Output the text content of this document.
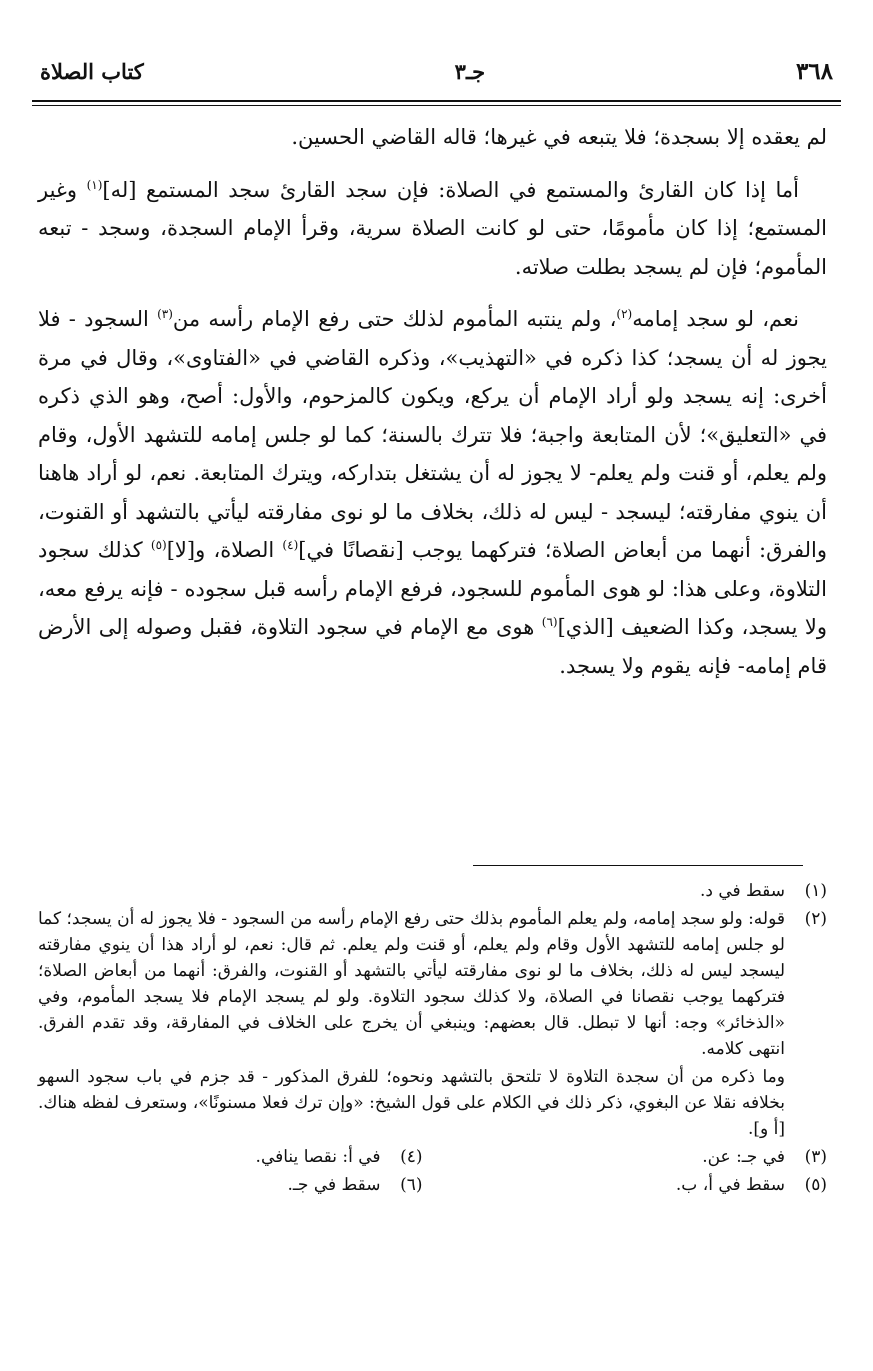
٣٦٨
جـ٣
كتاب الصلاة

لم يعقده إلا بسجدة؛ فلا يتبعه في غيرها؛ قاله القاضي الحسين.

أما إذا كان القارئ والمستمع في الصلاة: فإن سجد القارئ سجد المستمع [له]$^{(١)}$ وغير المستمع؛ إذا كان مأمومًا، حتى لو كانت الصلاة سرية، وقرأ الإمام السجدة، وسجد - تبعه المأموم؛ فإن لم يسجد بطلت صلاته.

نعم، لو سجد إمامه$^{(٢)}$، ولم ينتبه المأموم لذلك حتى رفع الإمام رأسه من$^{(٣)}$ السجود - فلا يجوز له أن يسجد؛ كذا ذكره في «التهذيب»، وذكره القاضي في «الفتاوى»، وقال في مرة أخرى: إنه يسجد ولو أراد الإمام أن يركع، ويكون كالمزحوم، والأول: أصح، وهو الذي ذكره في «التعليق»؛ لأن المتابعة واجبة؛ فلا تترك بالسنة؛ كما لو جلس إمامه للتشهد الأول، وقام ولم يعلم، أو قنت ولم يعلم- لا يجوز له أن يشتغل بتداركه، ويترك المتابعة. نعم، لو أراد هاهنا أن ينوي مفارقته؛ ليسجد - ليس له ذلك، بخلاف ما لو نوى مفارقته ليأتي بالتشهد أو القنوت، والفرق: أنهما من أبعاض الصلاة؛ فتركهما يوجب [نقصانًا في]$^{(٤)}$ الصلاة، و[لا]$^{(٥)}$ كذلك سجود التلاوة، وعلى هذا: لو هوى المأموم للسجود، فرفع الإمام رأسه قبل سجوده - فإنه يرفع معه، ولا يسجد، وكذا الضعيف [الذي]$^{(٦)}$ هوى مع الإمام في سجود التلاوة، فقبل وصوله إلى الأرض قام إمامه- فإنه يقوم ولا يسجد.

(١)
سقط في د.
(٢)
قوله: ولو سجد إمامه، ولم يعلم المأموم بذلك حتى رفع الإمام رأسه من السجود - فلا يجوز له أن يسجد؛ كما لو جلس إمامه للتشهد الأول وقام ولم يعلم، أو قنت ولم يعلم. ثم قال: نعم، لو أراد هذا أن ينوي مفارقته ليسجد ليس له ذلك، بخلاف ما لو نوى مفارقته ليأتي بالتشهد أو القنوت، والفرق: أنهما من أبعاض الصلاة؛ فتركهما يوجب نقصانا في الصلاة، ولا كذلك سجود التلاوة. ولو لم يسجد الإمام فلا يسجد المأموم، وفي «الذخائر» وجه: أنها لا تبطل. قال بعضهم: وينبغي أن يخرج على الخلاف في المفارقة، وقد تقدم الفرق. انتهى كلامه.
وما ذكره من أن سجدة التلاوة لا تلتحق بالتشهد ونحوه؛ للفرق المذكور - قد جزم في باب سجود السهو بخلافه نقلا عن البغوي، ذكر ذلك في الكلام على قول الشيخ: «وإن ترك فعلا مسنونًا»، وستعرف لفظه هناك. [أ و].
(٣)
في جـ: عن.
(٤)
في أ: نقصا ينافي.
(٥)
سقط في أ، ب.
(٦)
سقط في جـ.
